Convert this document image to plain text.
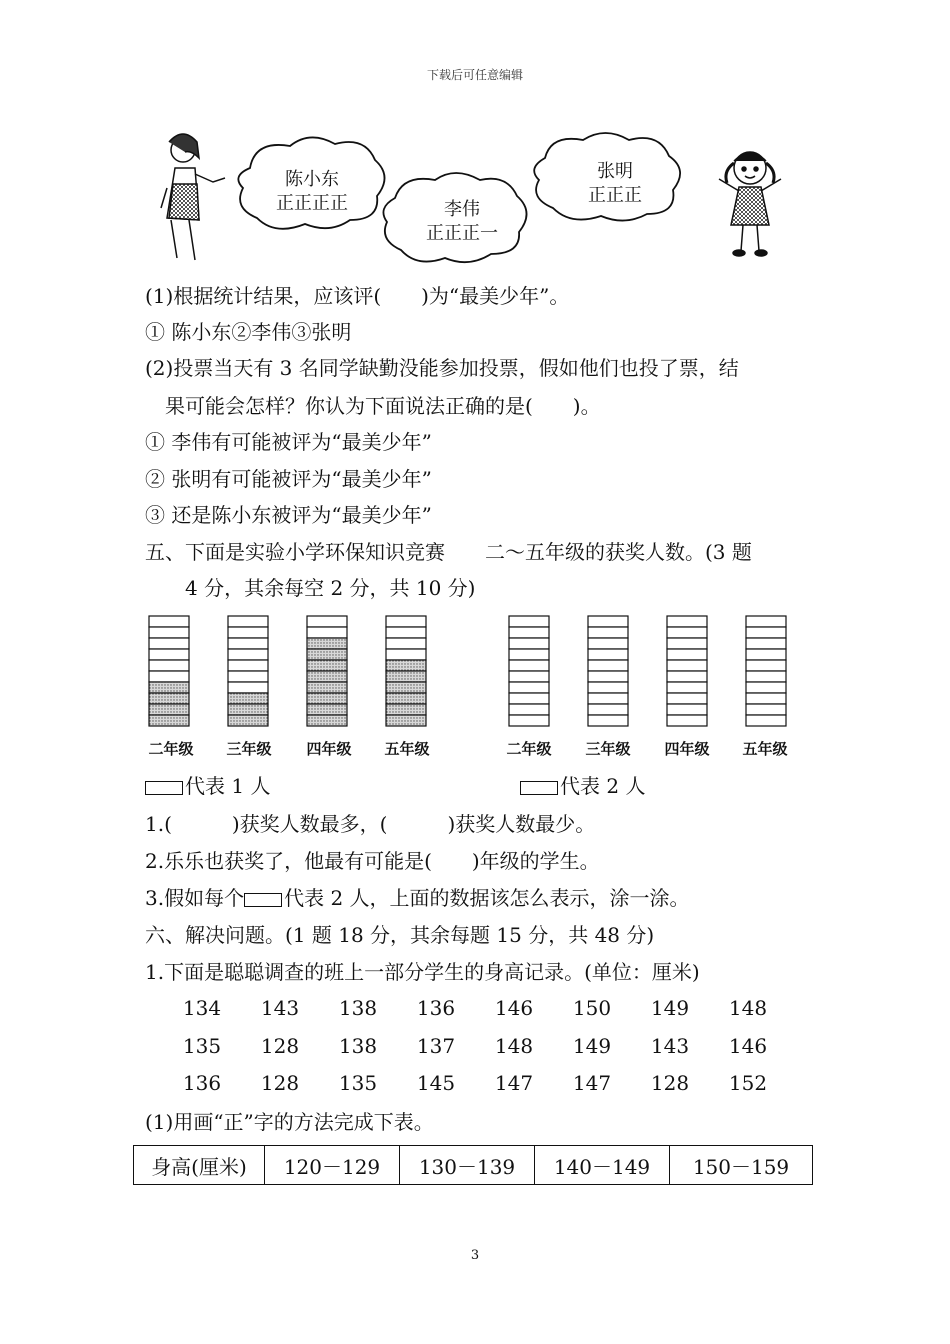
下载后可任意编辑
陈小东
正正正正	李伟
正正正一
张明
正正正
(1)根据统计结果，应该评(　　)为“最美少年”。
① 陈小东②李伟③张明
(2)投票当天有 3 名同学缺勤没能参加投票，假如他们也投了票，结
　果可能会怎样？你认为下面说法正确的是(　　)。
① 李伟有可能被评为“最美少年”
② 张明有可能被评为“最美少年”
③ 还是陈小东被评为“最美少年”
五、下面是实验小学环保知识竞赛　　二～五年级的获奖人数。(3 题
　　4 分，其余每空 2 分，共 10 分)
二年级	三年级	四年级	五年级	二年级	三年级	四年级	五年级
代表 1 人	代表 2 人
1.(　　　)获奖人数最多，(　　　)获奖人数最少。
2.乐乐也获奖了，他最有可能是(　　)年级的学生。
3.假如每个 代表 2 人，上面的数据该怎么表示，涂一涂。
六、解决问题。(1 题 18 分，其余每题 15 分，共 48 分)
1.下面是聪聪调查的班上一部分学生的身高记录。(单位：厘米)
134	143	138	136	146	150	149	148
135	128	138	137	148	149	143	146
136	128	135	145	147	147	128	152
(1)用画“正”字的方法完成下表。
身高(厘米)	120－129	130－139	140－149	150－159
3
